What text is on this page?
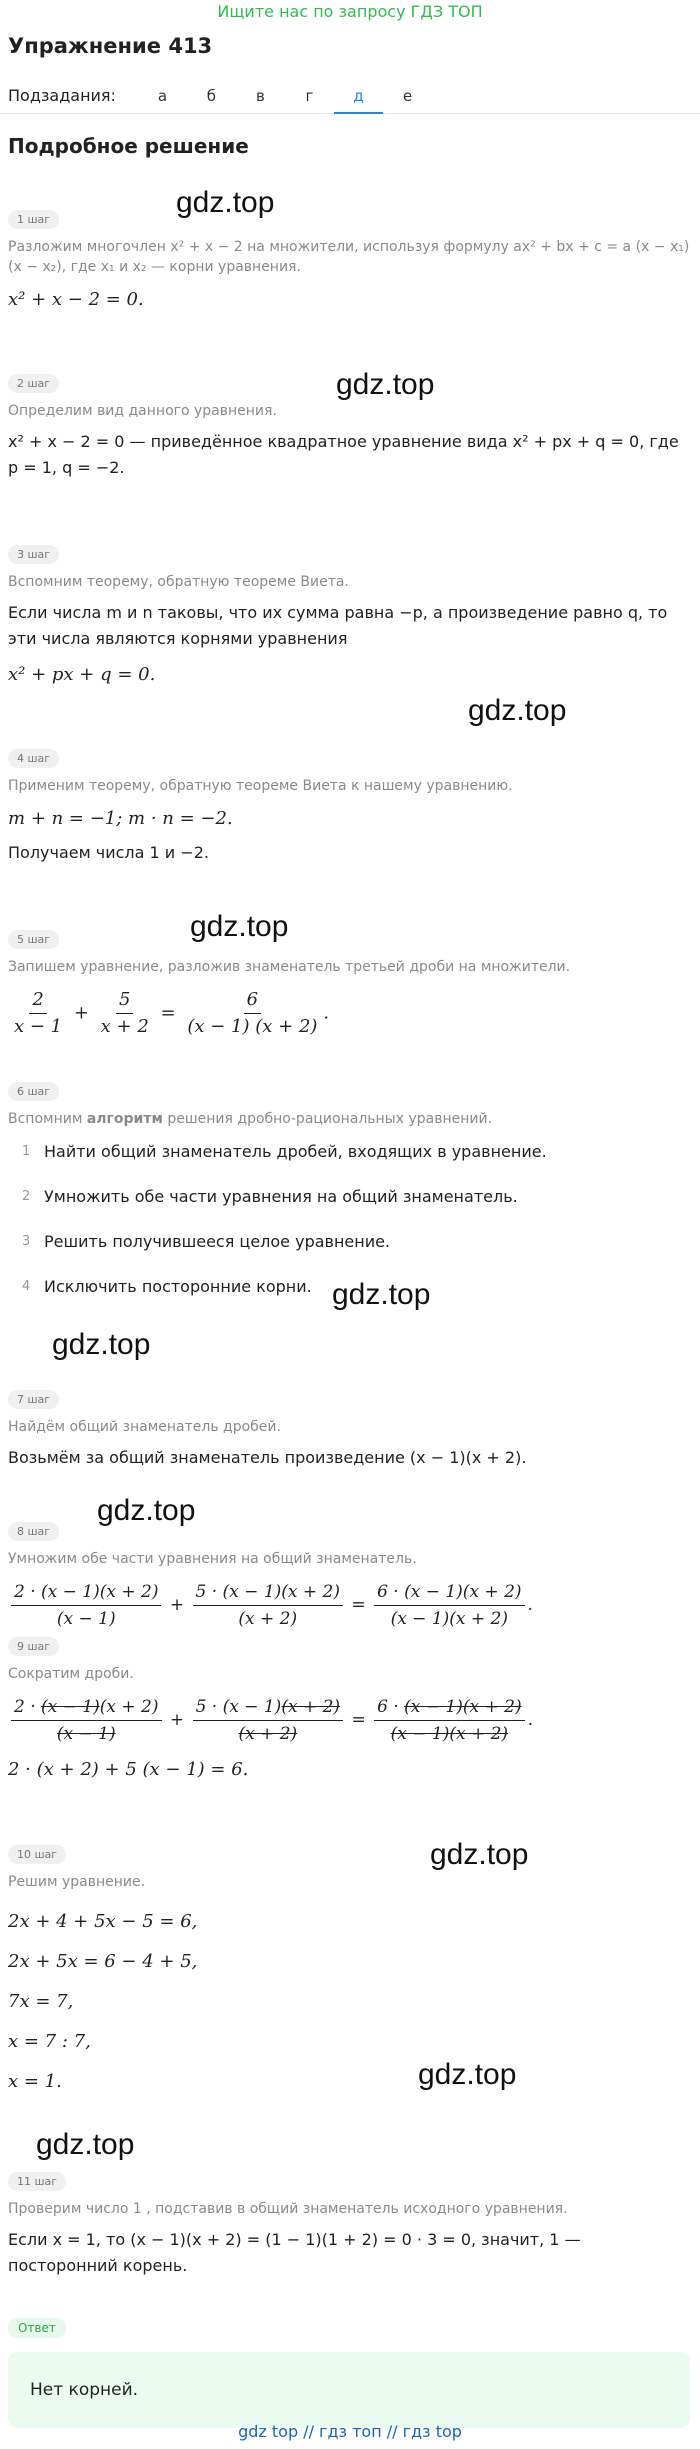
Ищите нас по запросу ГДЗ ТОП
Упражнение 413
Подзадания:	а	б	в	г	д	е
Подробное решение
1 шаг
Разложим многочлен x² + x − 2 на множители, используя формулу ax² + bx + c = a (x − x₁) (x − x₂), где x₁ и x₂ — корни уравнения.
x² + x − 2 = 0.
2 шаг
Определим вид данного уравнения.
x² + x − 2 = 0 — приведённое квадратное уравнение вида x² + px + q = 0, где p = 1, q = −2.
3 шаг
Вспомним теорему, обратную теореме Виета.
Если числа m и n таковы, что их сумма равна −p, а произведение равно q, то эти числа являются корнями уравнения
x² + px + q = 0.
4 шаг
Применим теорему, обратную теореме Виета к нашему уравнению.
m + n = −1; m · n = −2.
Получаем числа 1 и −2.
5 шаг
Запишем уравнение, разложив знаменатель третьей дроби на множители.
$\frac{2}{x - 1} + \frac{5}{x + 2} = \frac{6}{(x - 1) (x + 2)}$ .
6 шаг
Вспомним алгоритм решения дробно-рациональных уравнений.
1 Найти общий знаменатель дробей, входящих в уравнение.
2 Умножить обе части уравнения на общий знаменатель.
3 Решить получившееся целое уравнение.
4 Исключить посторонние корни.
7 шаг
Найдём общий знаменатель дробей.
Возьмём за общий знаменатель произведение (x − 1)(x + 2).
8 шаг
Умножим обе части уравнения на общий знаменатель.
$\frac{2 \cdot (x - 1)(x + 2)}{(x - 1)} + \frac{5 \cdot (x - 1)(x + 2)}{(x + 2)} = \frac{6 \cdot (x - 1)(x + 2)}{(x - 1)(x + 2)}$ .
9 шаг
Сократим дроби.
$\frac{2 \cdot (x - 1)(x + 2)}{(x - 1)} + \frac{5 \cdot (x - 1)(x + 2)}{(x + 2)} = \frac{6 \cdot (x - 1)(x + 2)}{(x - 1)(x + 2)}$ .
2 · (x + 2) + 5 (x − 1) = 6.
10 шаг
Решим уравнение.
2x + 4 + 5x − 5 = 6,
2x + 5x = 6 − 4 + 5,
7x = 7,
x = 7 : 7,
x = 1.
11 шаг
Проверим число 1 , подставив в общий знаменатель исходного уравнения.
Если x = 1, то (x − 1)(x + 2) = (1 − 1)(1 + 2) = 0 · 3 = 0, значит, 1 — посторонний корень.
Ответ
Нет корней.
gdz.top
gdz.top
gdz.top
gdz.top
gdz.top
gdz.top
gdz.top
gdz.top
gdz.top
gdz.top
gdz top // гдз топ // гдз top
